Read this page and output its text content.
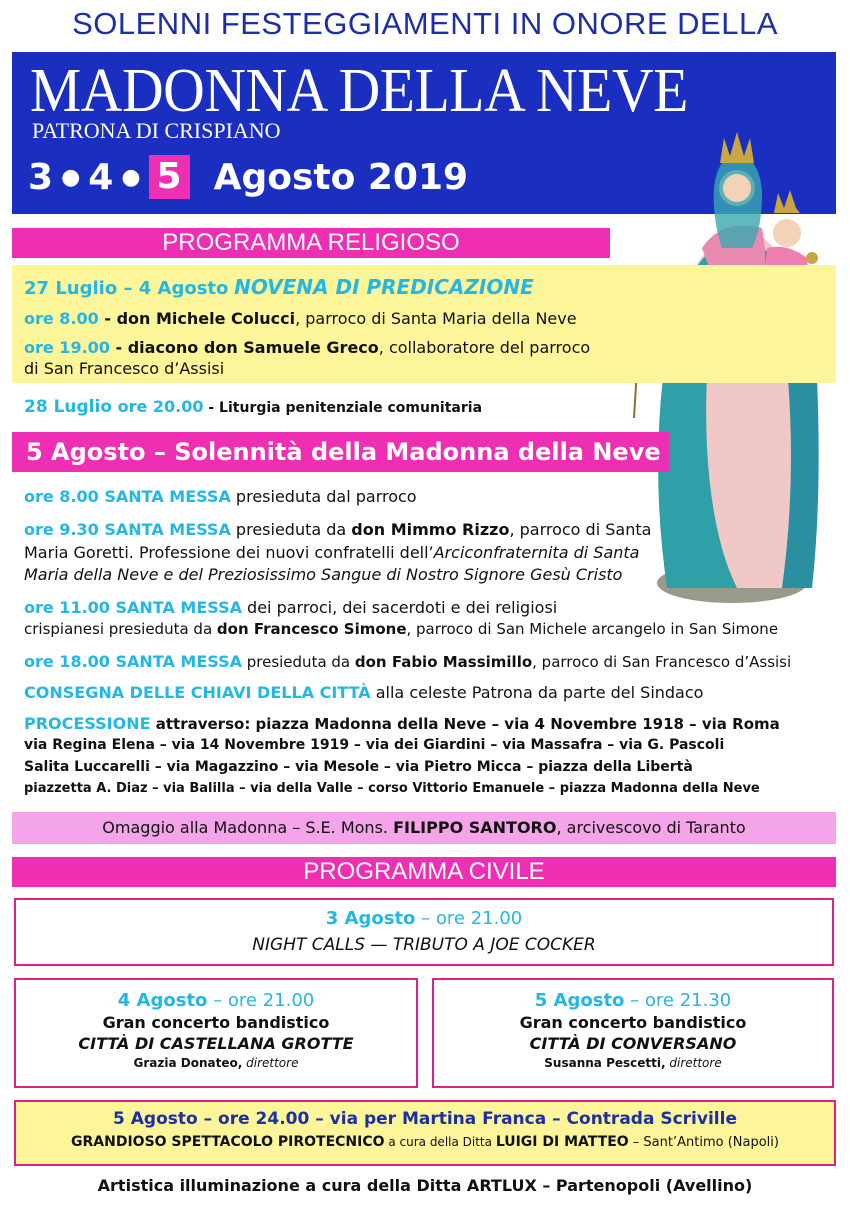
SOLENNI FESTEGGIAMENTI IN ONORE DELLA
MADONNA DELLA NEVE
PATRONA DI CRISPIANO
3 ● 4 ● 5 Agosto 2019
PROGRAMMA RELIGIOSO
27 Luglio – 4 Agosto NOVENA DI PREDICAZIONE
ore 8.00 - don Michele Colucci, parroco di Santa Maria della Neve
ore 19.00 - diacono don Samuele Greco, collaboratore del parroco
di San Francesco d’Assisi
28 Luglio ore 20.00 - Liturgia penitenziale comunitaria
5 Agosto – Solennità della Madonna della Neve
ore 8.00 SANTA MESSA presieduta dal parroco
ore 9.30 SANTA MESSA presieduta da don Mimmo Rizzo, parroco di Santa
Maria Goretti. Professione dei nuovi confratelli dell’Arciconfraternita di Santa
Maria della Neve e del Preziosissimo Sangue di Nostro Signore Gesù Cristo
ore 11.00 SANTA MESSA dei parroci, dei sacerdoti e dei religiosi
crispianesi presieduta da don Francesco Simone, parroco di San Michele arcangelo in San Simone
ore 18.00 SANTA MESSA presieduta da don Fabio Massimillo, parroco di San Francesco d’Assisi
CONSEGNA DELLE CHIAVI DELLA CITTÀ alla celeste Patrona da parte del Sindaco
PROCESSIONE attraverso: piazza Madonna della Neve – via 4 Novembre 1918 – via Roma
via Regina Elena – via 14 Novembre 1919 – via dei Giardini – via Massafra – via G. Pascoli
Salita Luccarelli – via Magazzino – via Mesole – via Pietro Micca – piazza della Libertà
piazzetta A. Diaz – via Balilla – via della Valle – corso Vittorio Emanuele – piazza Madonna della Neve
Omaggio alla Madonna – S.E. Mons. FILIPPO SANTORO, arcivescovo di Taranto
PROGRAMMA CIVILE
3 Agosto – ore 21.00
NIGHT CALLS — TRIBUTO A JOE COCKER
4 Agosto – ore 21.00
Gran concerto bandistico
CITTÀ DI CASTELLANA GROTTE
Grazia Donateo, direttore
5 Agosto – ore 21.30
Gran concerto bandistico
CITTÀ DI CONVERSANO
Susanna Pescetti, direttore
5 Agosto – ore 24.00 – via per Martina Franca – Contrada Scriville
GRANDIOSO SPETTACOLO PIROTECNICO a cura della Ditta LUIGI DI MATTEO – Sant’Antimo (Napoli)
Artistica illuminazione a cura della Ditta ARTLUX – Partenopoli (Avellino)
